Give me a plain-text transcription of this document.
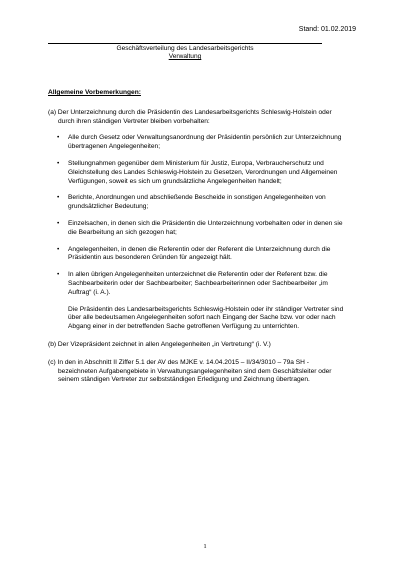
Stand: 01.02.2019
Geschäftsverteilung des Landesarbeitsgerichts
Verwaltung

Allgemeine Vorbemerkungen:

(a) Der Unterzeichnung durch die Präsidentin des Landesarbeitsgerichts Schleswig-Holstein oder durch ihren ständigen Vertreter bleiben vorbehalten:

• Alle durch Gesetz oder Verwaltungsanordnung der Präsidentin persönlich zur Unterzeichnung übertragenen Angelegenheiten;
• Stellungnahmen gegenüber dem Ministerium für Justiz, Europa, Verbraucherschutz und Gleichstellung des Landes Schleswig-Holstein zu Gesetzen, Verordnungen und Allgemeinen Verfügungen, soweit es sich um grundsätzliche Angelegenheiten handelt;
• Berichte, Anordnungen und abschließende Bescheide in sonstigen Angelegenheiten von grundsätzlicher Bedeutung;
• Einzelsachen, in denen sich die Präsidentin die Unterzeichnung vorbehalten oder in denen sie die Bearbeitung an sich gezogen hat;
• Angelegenheiten, in denen die Referentin oder der Referent die Unterzeichnung durch die Präsidentin aus besonderen Gründen für angezeigt hält.
• In allen übrigen Angelegenheiten unterzeichnet die Referentin oder der Referent bzw. die Sachbearbeiterin oder der Sachbearbeiter; Sachbearbeiterinnen oder Sachbearbeiter „im Auftrag“ (i. A.).

Die Präsidentin des Landesarbeitsgerichts Schleswig-Holstein oder ihr ständiger Vertreter sind über alle bedeutsamen Angelegenheiten sofort nach Eingang der Sache bzw. vor oder nach Abgang einer in der betreffenden Sache getroffenen Verfügung zu unterrichten.

(b) Der Vizepräsident zeichnet in allen Angelegenheiten „in Vertretung“ (i. V.)

(c) In den in Abschnitt II Ziffer 5.1 der AV des MJKE v. 14.04.2015 – II/34/3010 – 79a SH - bezeichneten Aufgabengebiete in Verwaltungsangelegenheiten sind dem Geschäftsleiter oder seinem ständigen Vertreter zur selbstständigen Erledigung und Zeichnung übertragen.

1
